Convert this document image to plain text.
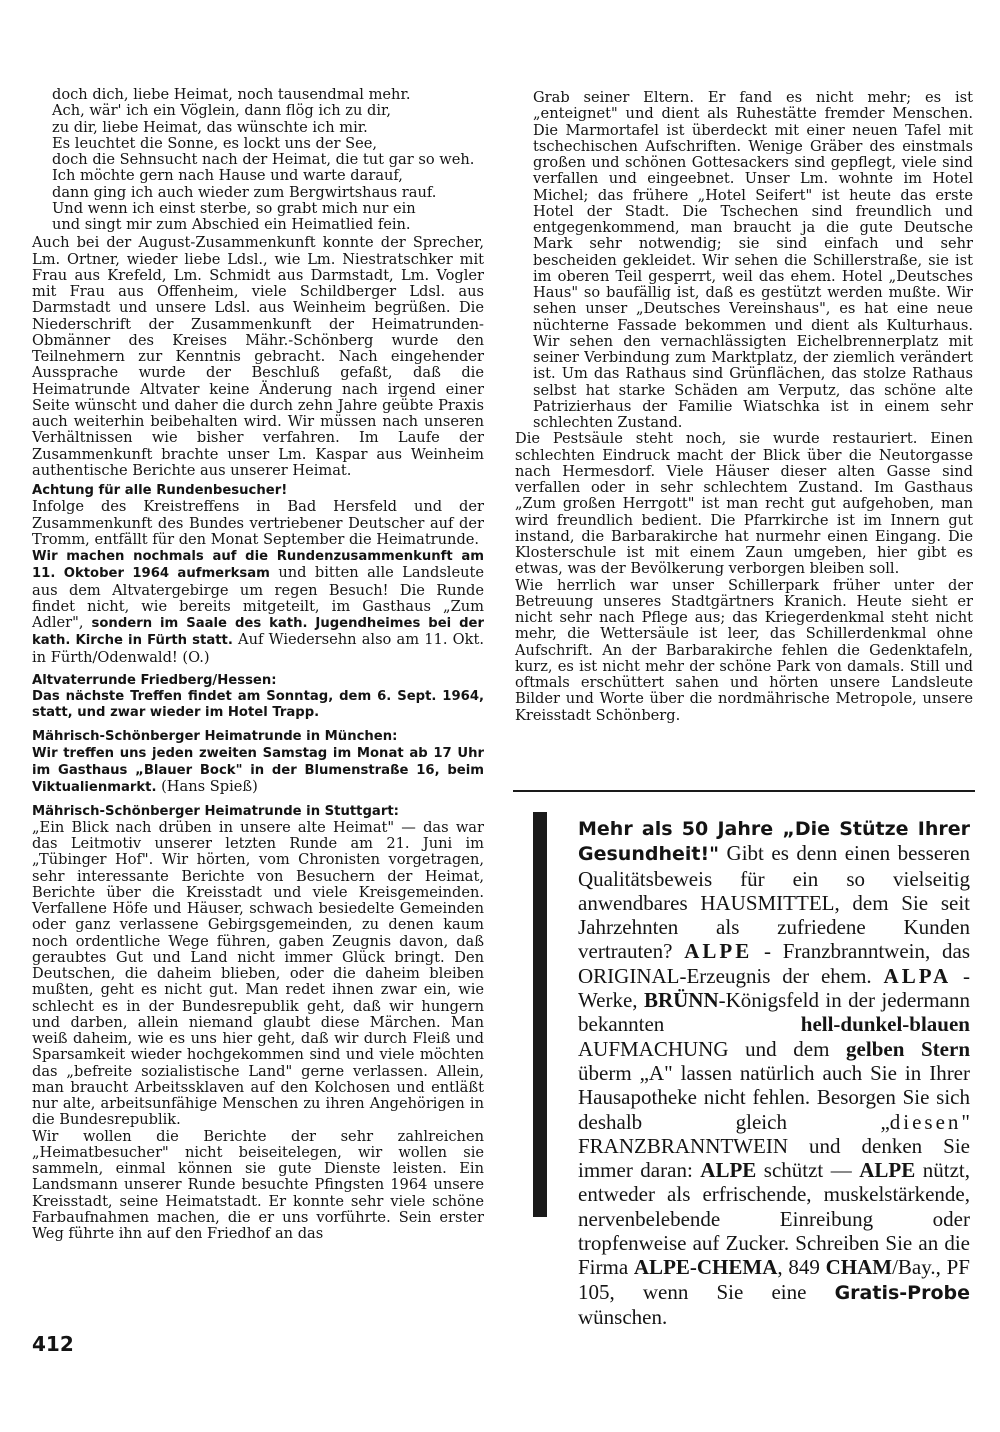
doch dich, liebe Heimat, noch tausendmal mehr.
Ach, wär' ich ein Vöglein, dann flög ich zu dir,
zu dir, liebe Heimat, das wünschte ich mir.
Es leuchtet die Sonne, es lockt uns der See,
doch die Sehnsucht nach der Heimat, die tut gar so weh.
Ich möchte gern nach Hause und warte darauf,
dann ging ich auch wieder zum Bergwirtshaus rauf.
Und wenn ich einst sterbe, so grabt mich nur ein
und singt mir zum Abschied ein Heimatlied fein.

Auch bei der August-Zusammenkunft konnte der Sprecher, Lm. Ortner, wieder liebe Ldsl., wie Lm. Niestratschker mit Frau aus Krefeld, Lm. Schmidt aus Darmstadt, Lm. Vogler mit Frau aus Offenheim, viele Schildberger Ldsl. aus Darmstadt und unsere Ldsl. aus Weinheim begrüßen. Die Niederschrift der Zusammenkunft der Heimatrunden-Obmänner des Kreises Mähr.-Schönberg wurde den Teilnehmern zur Kenntnis gebracht. Nach eingehender Aussprache wurde der Beschluß gefaßt, daß die Heimatrunde Altvater keine Änderung nach irgend einer Seite wünscht und daher die durch zehn Jahre geübte Praxis auch weiterhin beibehalten wird. Wir müssen nach unseren Verhältnissen wie bisher verfahren. Im Laufe der Zusammenkunft brachte unser Lm. Kaspar aus Weinheim authentische Berichte aus unserer Heimat.

Achtung für alle Rundenbesucher!

Infolge des Kreistreffens in Bad Hersfeld und der Zusammenkunft des Bundes vertriebener Deutscher auf der Tromm, entfällt für den Monat September die Heimatrunde.

Wir machen nochmals auf die Rundenzusammenkunft am 11. Oktober 1964 aufmerksam und bitten alle Landsleute aus dem Altvatergebirge um regen Besuch! Die Runde findet nicht, wie bereits mitgeteilt, im Gasthaus „Zum Adler", sondern im Saale des kath. Jugendheimes bei der kath. Kirche in Fürth statt. Auf Wiedersehn also am 11. Okt. in Fürth/Odenwald! (O.)

Altvaterrunde Friedberg/Hessen:

Das nächste Treffen findet am Sonntag, dem 6. Sept. 1964, statt, und zwar wieder im Hotel Trapp.

Mährisch-Schönberger Heimatrunde in München:

Wir treffen uns jeden zweiten Samstag im Monat ab 17 Uhr im Gasthaus „Blauer Bock" in der Blumenstraße 16, beim Viktualienmarkt. (Hans Spieß)

Mährisch-Schönberger Heimatrunde in Stuttgart:

„Ein Blick nach drüben in unsere alte Heimat" — das war das Leitmotiv unserer letzten Runde am 21. Juni im „Tübinger Hof". Wir hörten, vom Chronisten vorgetragen, sehr interessante Berichte von Besuchern der Heimat, Berichte über die Kreisstadt und viele Kreisgemeinden. Verfallene Höfe und Häuser, schwach besiedelte Gemeinden oder ganz verlassene Gebirgsgemeinden, zu denen kaum noch ordentliche Wege führen, gaben Zeugnis davon, daß geraubtes Gut und Land nicht immer Glück bringt. Den Deutschen, die daheim blieben, oder die daheim bleiben mußten, geht es nicht gut. Man redet ihnen zwar ein, wie schlecht es in der Bundesrepublik geht, daß wir hungern und darben, allein niemand glaubt diese Märchen. Man weiß daheim, wie es uns hier geht, daß wir durch Fleiß und Sparsamkeit wieder hochgekommen sind und viele möchten das „befreite sozialistische Land" gerne verlassen. Allein, man braucht Arbeitssklaven auf den Kolchosen und entläßt nur alte, arbeitsunfähige Menschen zu ihren Angehörigen in die Bundesrepublik.

Wir wollen die Berichte der sehr zahlreichen „Heimatbesucher" nicht beiseitelegen, wir wollen sie sammeln, einmal können sie gute Dienste leisten. Ein Landsmann unserer Runde besuchte Pfingsten 1964 unsere Kreisstadt, seine Heimatstadt. Er konnte sehr viele schöne Farbaufnahmen machen, die er uns vorführte. Sein erster Weg führte ihn auf den Friedhof an das

412

Grab seiner Eltern. Er fand es nicht mehr; es ist „enteignet" und dient als Ruhestätte fremder Menschen. Die Marmortafel ist überdeckt mit einer neuen Tafel mit tschechischen Aufschriften. Wenige Gräber des einstmals großen und schönen Gottesackers sind gepflegt, viele sind verfallen und eingeebnet. Unser Lm. wohnte im Hotel Michel; das frühere „Hotel Seifert" ist heute das erste Hotel der Stadt. Die Tschechen sind freundlich und entgegenkommend, man braucht ja die gute Deutsche Mark sehr notwendig; sie sind einfach und sehr bescheiden gekleidet. Wir sehen die Schillerstraße, sie ist im oberen Teil gesperrt, weil das ehem. Hotel „Deutsches Haus" so baufällig ist, daß es gestützt werden mußte. Wir sehen unser „Deutsches Vereinshaus", es hat eine neue nüchterne Fassade bekommen und dient als Kulturhaus. Wir sehen den vernachlässigten Eichelbrennerplatz mit seiner Verbindung zum Marktplatz, der ziemlich verändert ist. Um das Rathaus sind Grünflächen, das stolze Rathaus selbst hat starke Schäden am Verputz, das schöne alte Patrizierhaus der Familie Wiatschka ist in einem sehr schlechten Zustand.

Die Pestsäule steht noch, sie wurde restauriert. Einen schlechten Eindruck macht der Blick über die Neutorgasse nach Hermesdorf. Viele Häuser dieser alten Gasse sind verfallen oder in sehr schlechtem Zustand. Im Gasthaus „Zum großen Herrgott" ist man recht gut aufgehoben, man wird freundlich bedient. Die Pfarrkirche ist im Innern gut instand, die Barbarakirche hat nurmehr einen Eingang. Die Klosterschule ist mit einem Zaun umgeben, hier gibt es etwas, was der Bevölkerung verborgen bleiben soll.

Wie herrlich war unser Schillerpark früher unter der Betreuung unseres Stadtgärtners Kranich. Heute sieht er nicht sehr nach Pflege aus; das Kriegerdenkmal steht nicht mehr, die Wettersäule ist leer, das Schillerdenkmal ohne Aufschrift. An der Barbarakirche fehlen die Gedenktafeln, kurz, es ist nicht mehr der schöne Park von damals. Still und oftmals erschüttert sahen und hörten unsere Landsleute Bilder und Worte über die nordmährische Metropole, unsere Kreisstadt Schönberg.

Mehr als 50 Jahre „Die Stütze Ihrer Gesundheit!" Gibt es denn einen besseren Qualitätsbeweis für ein so vielseitig anwendbares HAUSMITTEL, dem Sie seit Jahrzehnten als zufriedene Kunden vertrauten? ALPE - Franzbranntwein, das ORIGINAL-Erzeugnis der ehem. ALPA - Werke, BRÜNN-Königsfeld in der jedermann bekannten hell-dunkel-blauen AUFMACHUNG und dem gelben Stern überm „A" lassen natürlich auch Sie in Ihrer Hausapotheke nicht fehlen. Besorgen Sie sich deshalb gleich „diesen" FRANZBRANNTWEIN und denken Sie immer daran: ALPE schützt — ALPE nützt, entweder als erfrischende, muskelstärkende, nervenbelebende Einreibung oder tropfenweise auf Zucker. Schreiben Sie an die Firma ALPE-CHEMA, 849 CHAM/Bay., PF 105, wenn Sie eine Gratis-Probe wünschen.
